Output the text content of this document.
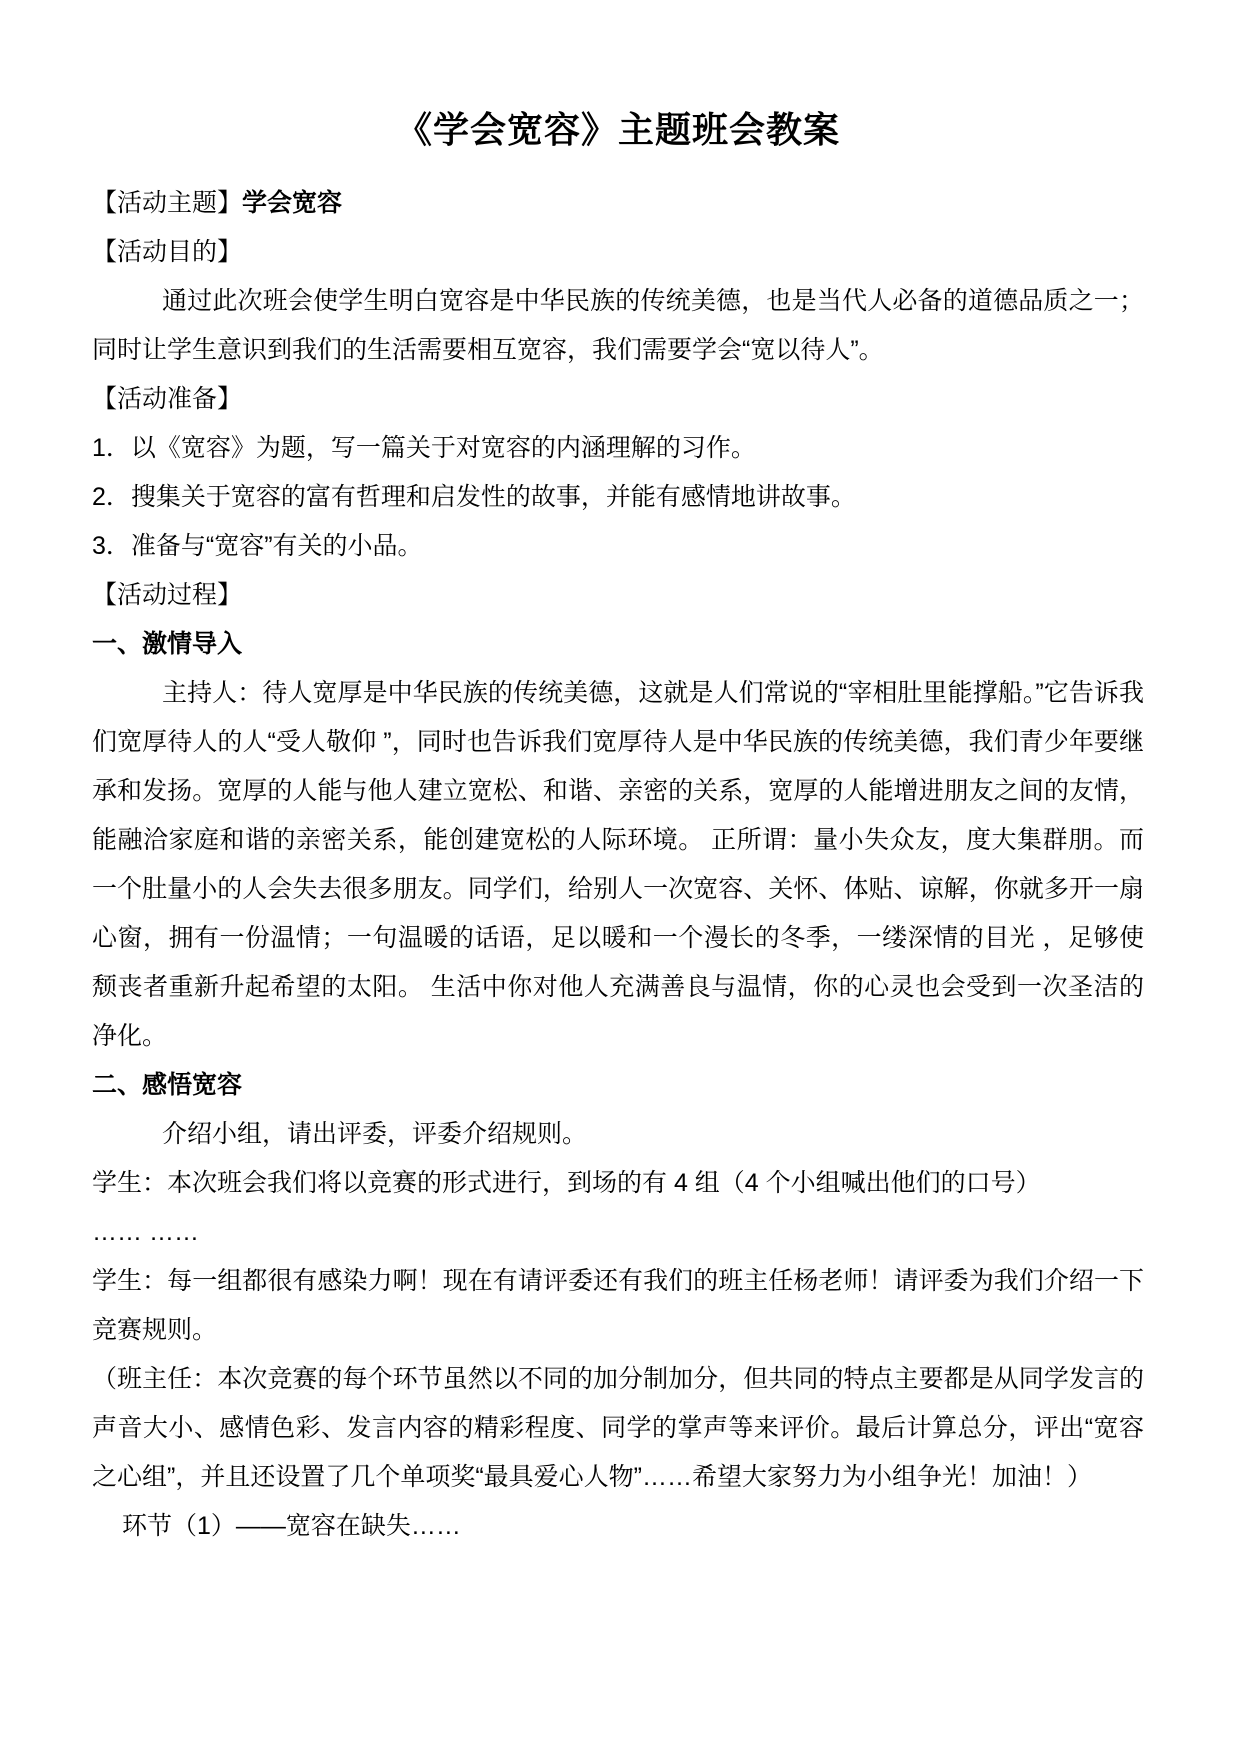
《学会宽容》主题班会教案

【活动主题】学会宽容

【活动目的】

通过此次班会使学生明白宽容是中华民族的传统美德，也是当代人必备的道德品质之一；同时让学生意识到我们的生活需要相互宽容，我们需要学会“宽以待人”。

【活动准备】

1．以《宽容》为题，写一篇关于对宽容的内涵理解的习作。

2．搜集关于宽容的富有哲理和启发性的故事，并能有感情地讲故事。

3．准备与“宽容”有关的小品。

【活动过程】

一、激情导入

主持人：待人宽厚是中华民族的传统美德，这就是人们常说的“宰相肚里能撑船。”它告诉我们宽厚待人的人“受人敬仰 ”，同时也告诉我们宽厚待人是中华民族的传统美德，我们青少年要继承和发扬。宽厚的人能与他人建立宽松、和谐、亲密的关系，宽厚的人能增进朋友之间的友情，能融洽家庭和谐的亲密关系，能创建宽松的人际环境。 正所谓：量小失众友，度大集群朋。而一个肚量小的人会失去很多朋友。同学们，给别人一次宽容、关怀、体贴、谅解，你就多开一扇心窗，拥有一份温情；一句温暖的话语，足以暖和一个漫长的冬季，一缕深情的目光 ，足够使颓丧者重新升起希望的太阳。 生活中你对他人充满善良与温情，你的心灵也会受到一次圣洁的净化。

二、感悟宽容

介绍小组，请出评委，评委介绍规则。

学生：本次班会我们将以竞赛的形式进行，到场的有 4 组（4 个小组喊出他们的口号）

…… ……

学生：每一组都很有感染力啊！现在有请评委还有我们的班主任杨老师！请评委为我们介绍一下竞赛规则。

（班主任：本次竞赛的每个环节虽然以不同的加分制加分，但共同的特点主要都是从同学发言的声音大小、感情色彩、发言内容的精彩程度、同学的掌声等来评价。最后计算总分，评出“宽容之心组”，并且还设置了几个单项奖“最具爱心人物”……希望大家努力为小组争光！加油！）

环节（1）——宽容在缺失……
